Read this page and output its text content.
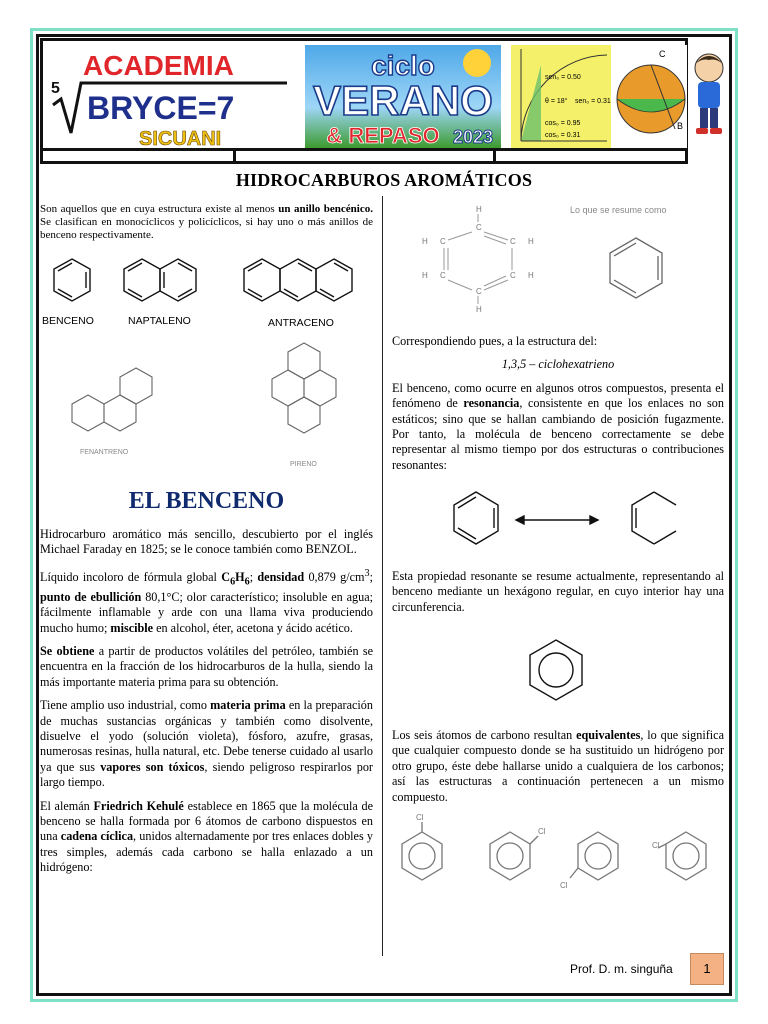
ACADEMIA
5
BRYCE=7
SICUANI
ciclo
VERANO
& REPASO 2023
sen₀ = 0.50
θ = 18° sen₀ = 0.31
cos₀ = 0.95
cos₀ = 0.31
C
B
HIDROCARBUROS AROMÁTICOS
Son aquellos que en cuya estructura existe al menos un anillo bencénico. Se clasifican en monocíclicos y policíclicos, si hay uno o más anillos de benceno respectivamente.
BENCENO	NAPTALENO	ANTRACENO
FENANTRENO
PIRENO
EL BENCENO

Hidrocarburo aromático más sencillo, descubierto por el inglés Michael Faraday en 1825; se le conoce también como BENZOL.

Líquido incoloro de fórmula global $C_6H_6$; densidad 0,879 $g/cm^3$; punto de ebullición 80,1°C; olor característico; insoluble en agua; fácilmente inflamable y arde con una llama viva produciendo mucho humo; miscible en alcohol, éter, acetona y ácido acético.

Se obtiene a partir de productos volátiles del petróleo, también se encuentra en la fracción de los hidrocarburos de la hulla, siendo la más importante materia prima para su obtención.

Tiene amplio uso industrial, como materia prima en la preparación de muchas sustancias orgánicas y también como disolvente, disuelve el yodo (solución violeta), fósforo, azufre, grasas, numerosas resinas, hulla natural, etc. Debe tenerse cuidado al usarlo ya que sus vapores son tóxicos, siendo peligroso respirarlos por largo tiempo.

El alemán Friedrich Kehulé establece en 1865 que la molécula de benceno se halla formada por 6 átomos de carbono dispuestos en una cadena cíclica, unidos alternadamente por tres enlaces dobles y tres simples, además cada carbono se halla enlazado a un hidrógeno:

Lo que se resume como
H
C
H C	C H
H C	C H
C
H

Correspondiendo pues, a la estructura del:

1,3,5 – ciclohexatrieno

El benceno, como ocurre en algunos otros compuestos, presenta el fenómeno de resonancia, consistente en que los enlaces no son estáticos; sino que se hallan cambiando de posición fugazmente. Por tanto, la molécula de benceno correctamente se debe representar al mismo tiempo por dos estructuras o contribuciones resonantes:

Esta propiedad resonante se resume actualmente, representando al benceno mediante un hexágono regular, en cuyo interior hay una circunferencia.
Los seis átomos de carbono resultan equivalentes, lo que significa que cualquier compuesto donde se ha sustituido un hidrógeno por otro grupo, éste debe hallarse unido a cualquiera de los carbonos; así las estructuras a continuación pertenecen a un mismo compuesto.
Cl
Cl
Cl
Cl
Prof. D. m. singuña	1
